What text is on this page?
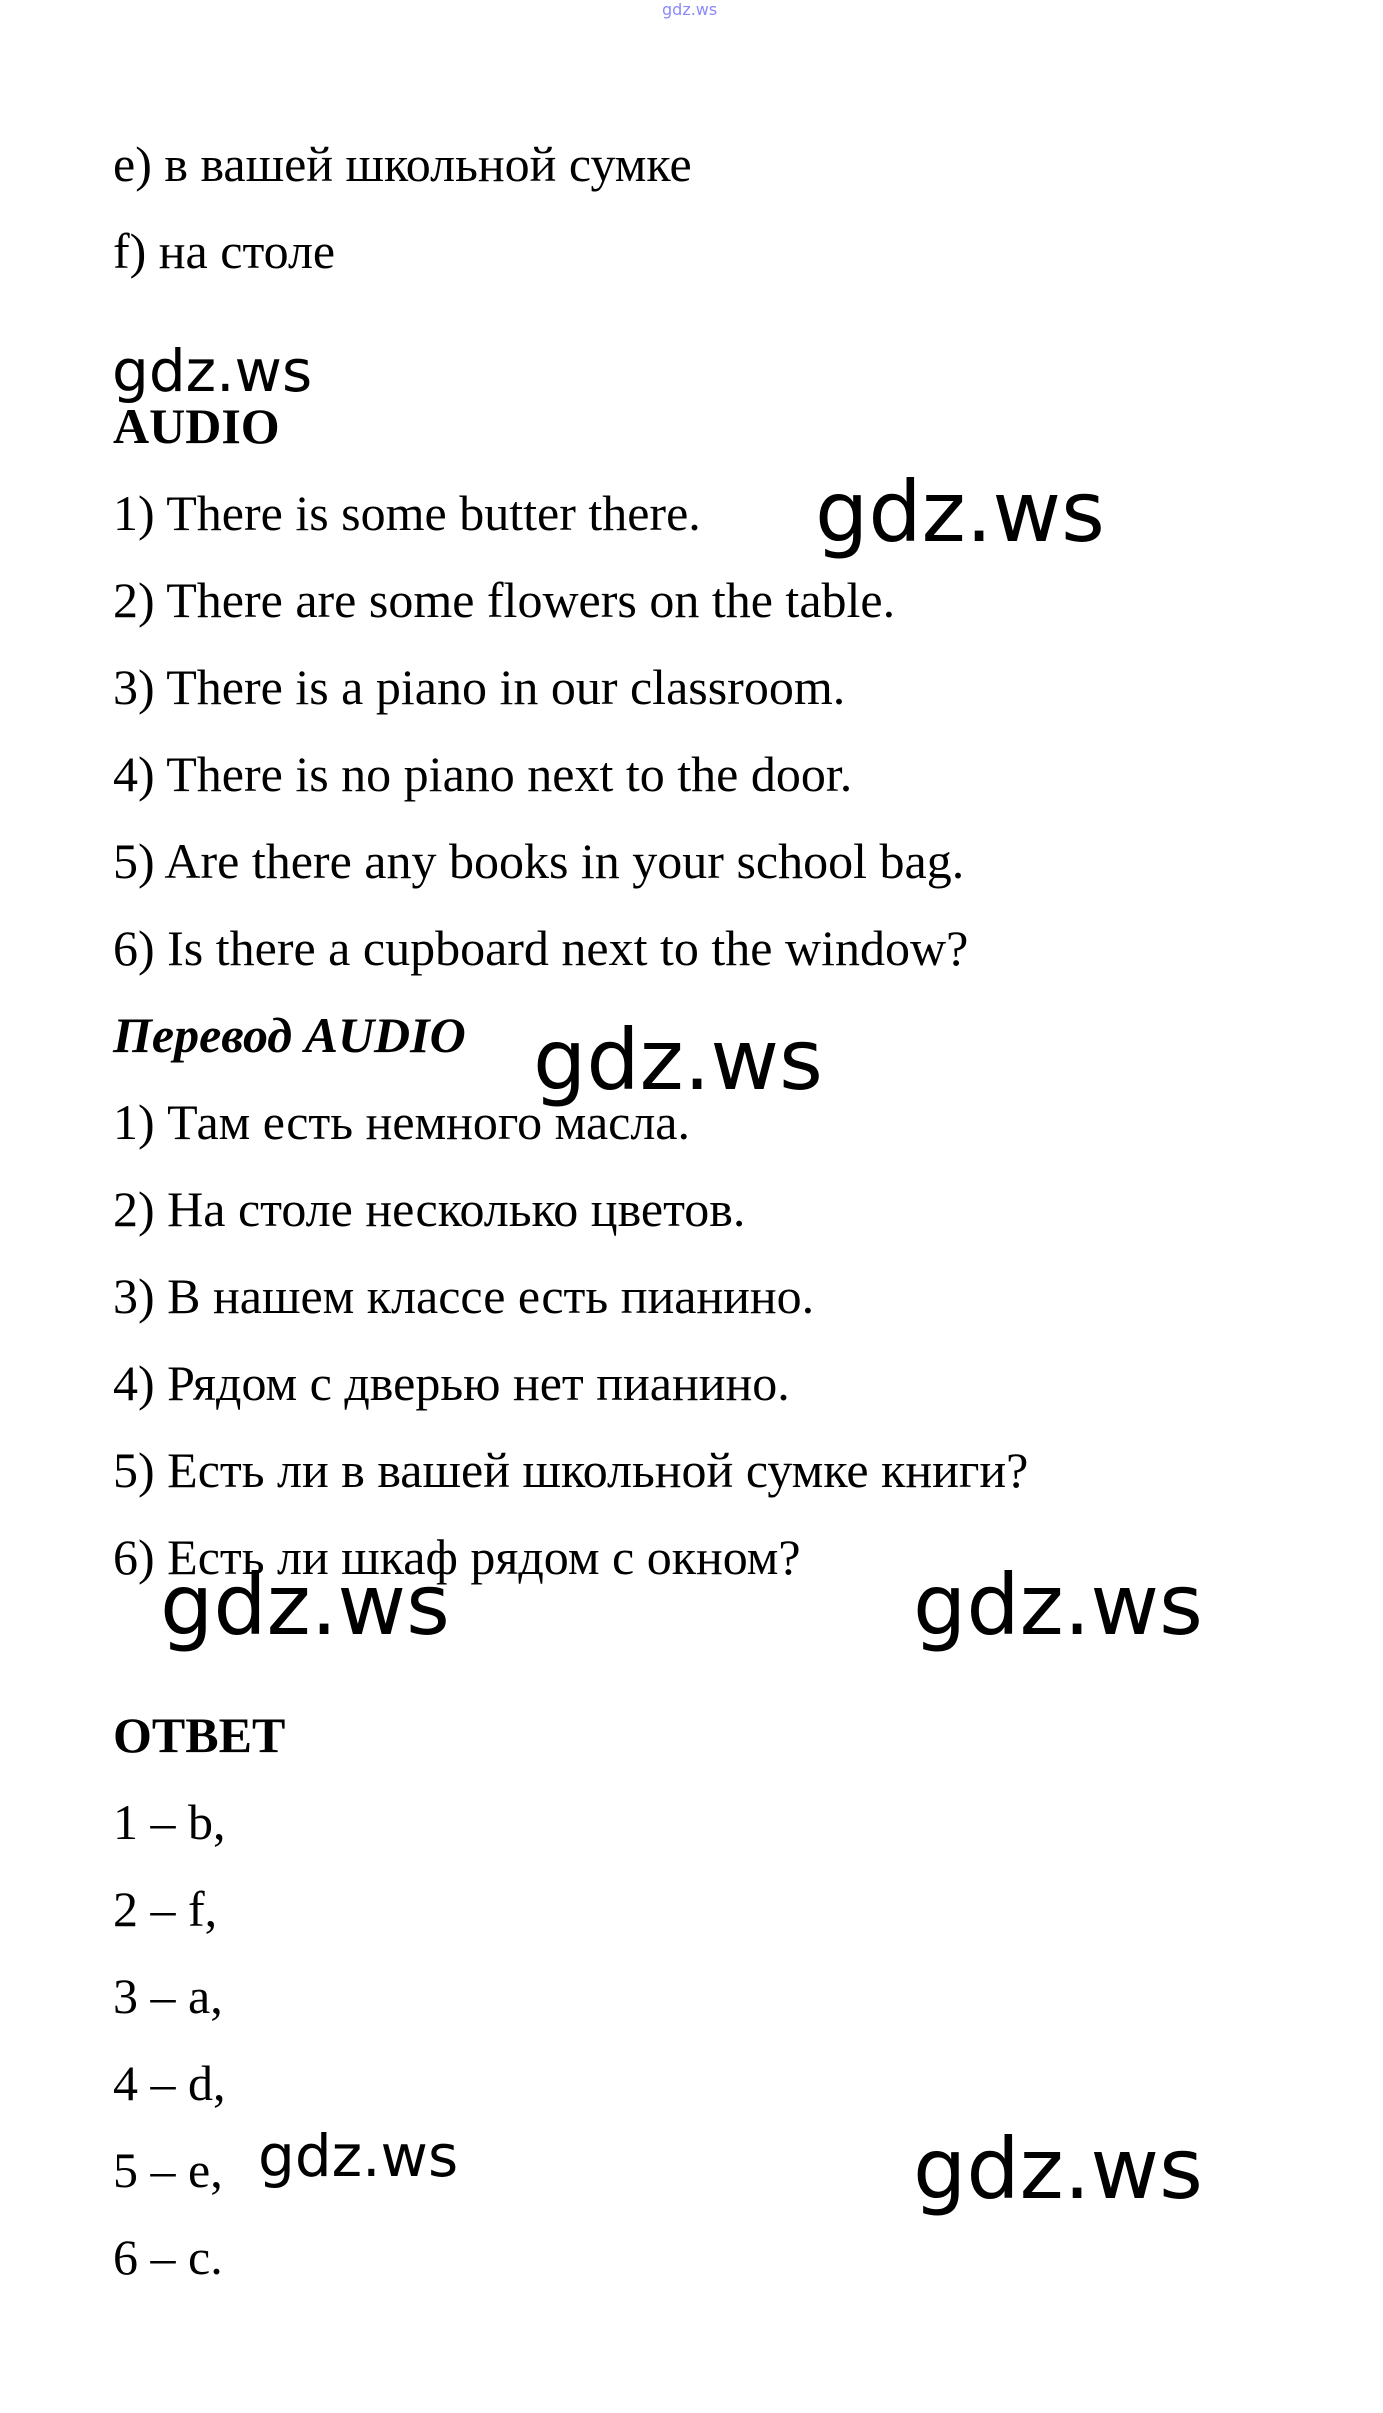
gdz.ws
e) в вашей школьной сумке
f) на столе
gdz.ws
AUDIO
1) There is some butter there.
2) There are some flowers on the table.
3) There is a piano in our classroom.
4) There is no piano next to the door.
5) Are there any books in your school bag.
6) Is there a cupboard next to the window?
gdz.ws
Перевод AUDIO gdz.ws
1) Там есть немного масла.
2) На столе несколько цветов.
3) В нашем классе есть пианино.
4) Рядом с дверью нет пианино.
5) Есть ли в вашей школьной сумке книги?
6) Есть ли шкаф рядом с окном?
gdz.ws	gdz.ws
ОТВЕТ
1 – b,
2 – f,
3 – a,
4 – d,
5 – e,
6 – c.
gdz.ws	gdz.ws
